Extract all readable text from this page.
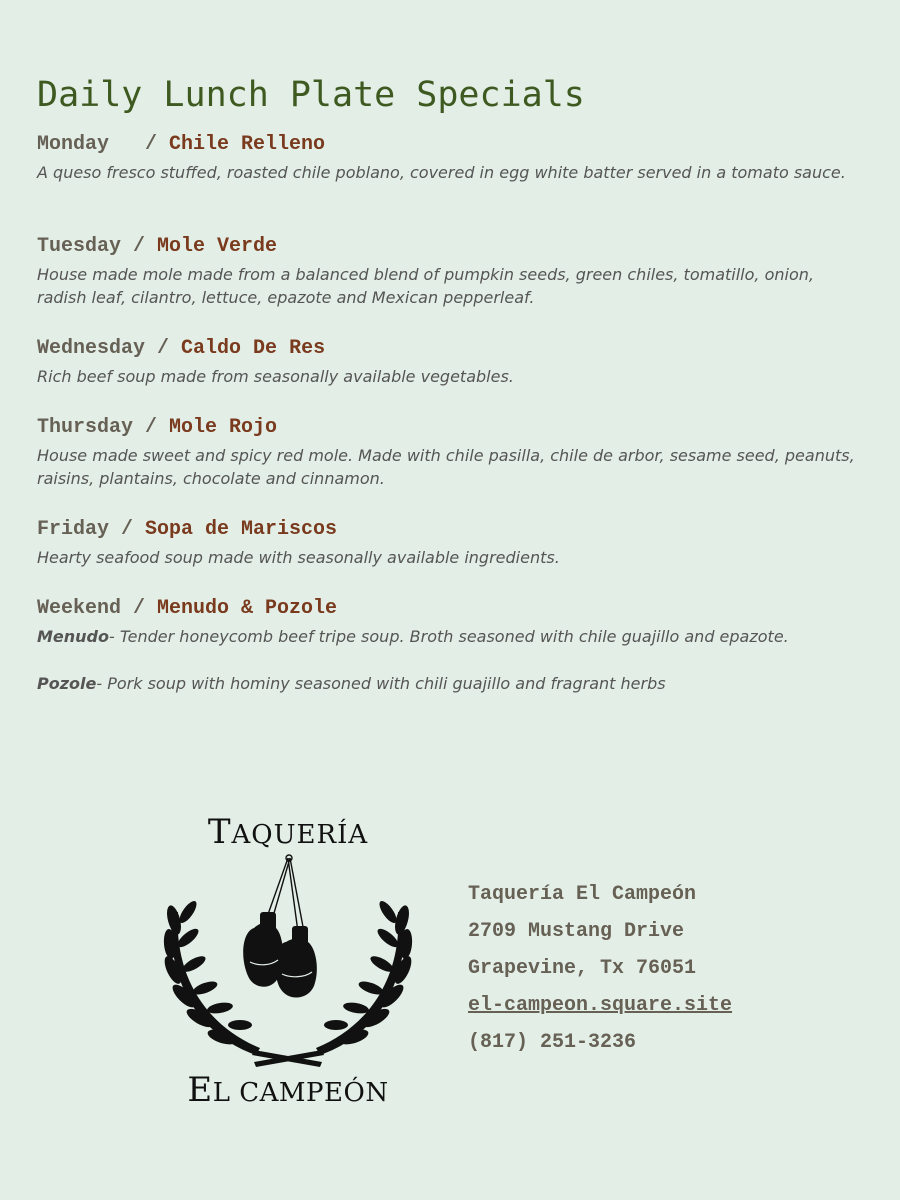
Daily Lunch Plate Specials
Monday   / Chile Relleno
A queso fresco stuffed, roasted chile poblano, covered in egg white batter served in a tomato sauce.
Tuesday / Mole Verde
House made mole made from a balanced blend of pumpkin seeds, green chiles, tomatillo, onion, radish leaf, cilantro, lettuce, epazote and Mexican pepperleaf.
Wednesday / Caldo De Res
Rich beef soup made from seasonally available vegetables.
Thursday / Mole Rojo
House made sweet and spicy red mole. Made with chile pasilla, chile de arbor, sesame seed, peanuts, raisins, plantains, chocolate and cinnamon.
Friday / Sopa de Mariscos
Hearty seafood soup made with seasonally available ingredients.
Weekend / Menudo & Pozole
Menudo- Tender honeycomb beef tripe soup. Broth seasoned with chile guajillo and epazote.
Pozole- Pork soup with hominy seasoned with chili guajillo and fragrant herbs
TAQUERÍA
EL CAMPEÓN
Taquería El Campeón
2709 Mustang Drive
Grapevine, Tx 76051
el-campeon.square.site
(817) 251-3236
